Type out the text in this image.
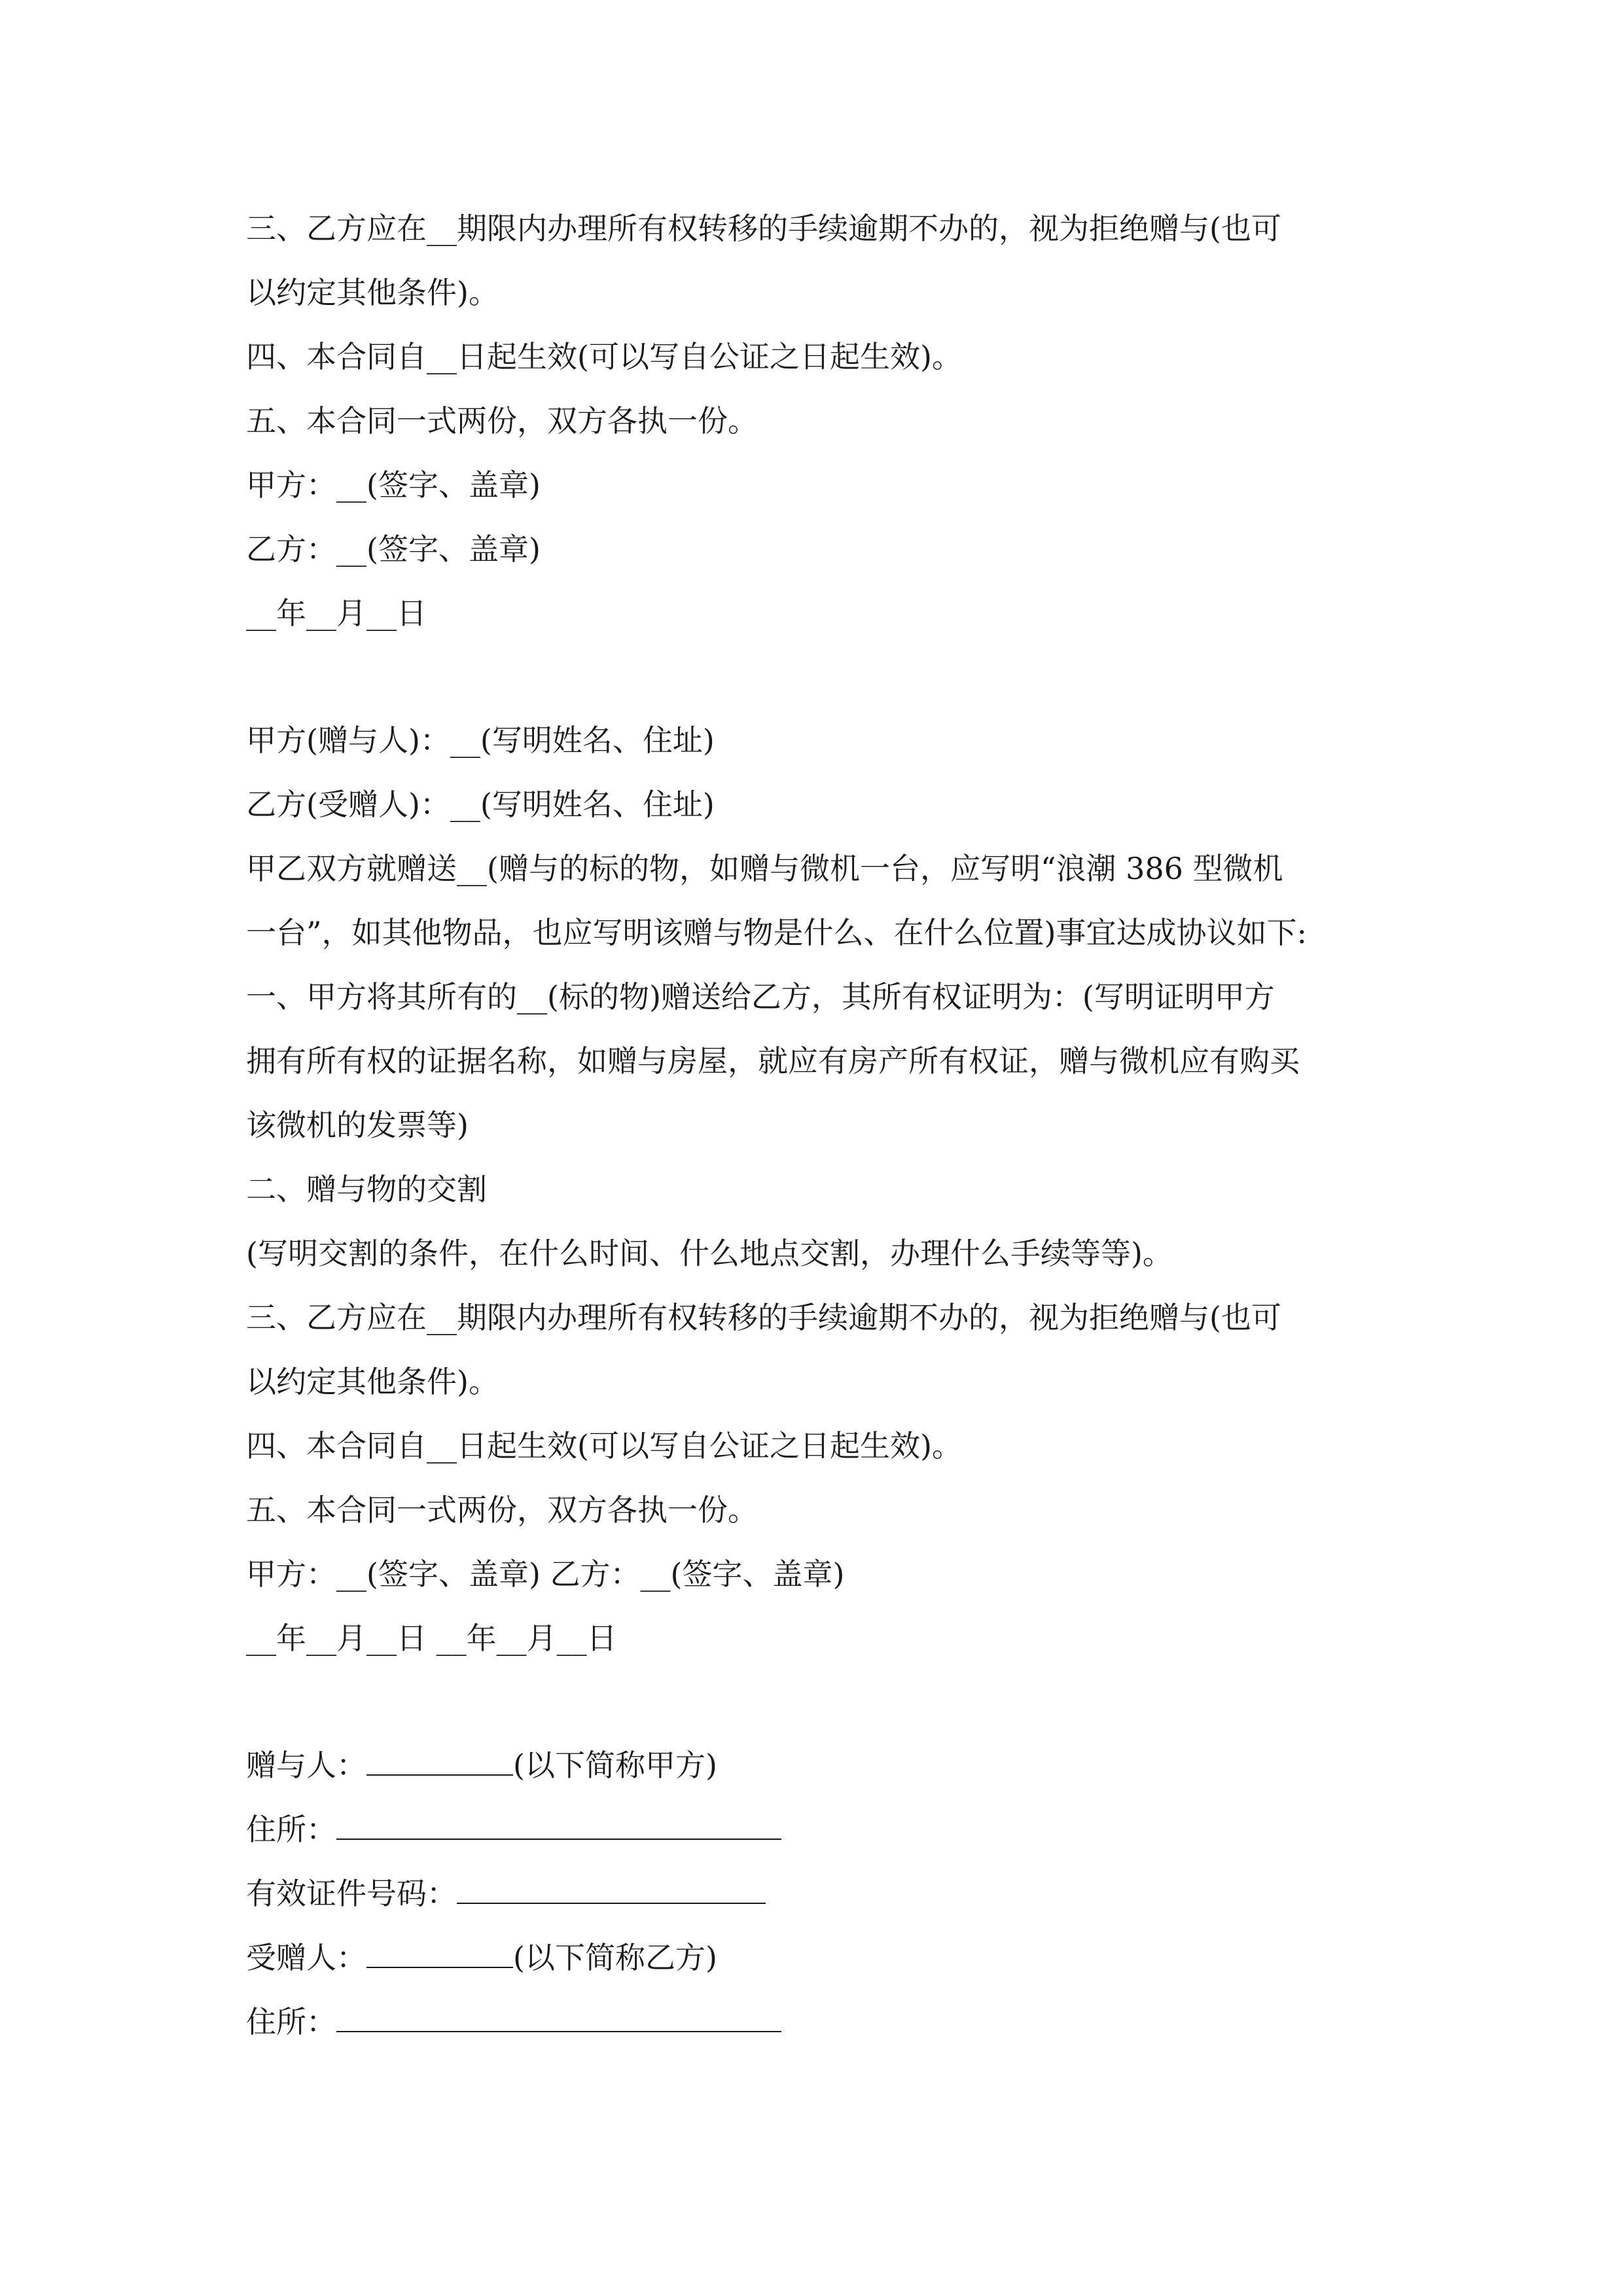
三、乙方应在__期限内办理所有权转移的手续逾期不办的，视为拒绝赠与(也可
以约定其他条件)。
四、本合同自__日起生效(可以写自公证之日起生效)。
五、本合同一式两份，双方各执一份。
甲方：__(签字、盖章)
乙方：__(签字、盖章)
__年__月__日
甲方(赠与人)：__(写明姓名、住址)
乙方(受赠人)：__(写明姓名、住址)
甲乙双方就赠送__(赠与的标的物，如赠与微机一台，应写明“浪潮 386 型微机
一台”，如其他物品，也应写明该赠与物是什么、在什么位置)事宜达成协议如下:
一、甲方将其所有的__(标的物)赠送给乙方，其所有权证明为：(写明证明甲方
拥有所有权的证据名称，如赠与房屋，就应有房产所有权证，赠与微机应有购买
该微机的发票等)
二、赠与物的交割
(写明交割的条件，在什么时间、什么地点交割，办理什么手续等等)。
三、乙方应在__期限内办理所有权转移的手续逾期不办的，视为拒绝赠与(也可
以约定其他条件)。
四、本合同自__日起生效(可以写自公证之日起生效)。
五、本合同一式两份，双方各执一份。
甲方：__(签字、盖章) 乙方：__(签字、盖章)
__年__月__日 __年__月__日
赠与人：	(以下简称甲方)
住所：
有效证件号码：
受赠人：	(以下简称乙方)
住所：
